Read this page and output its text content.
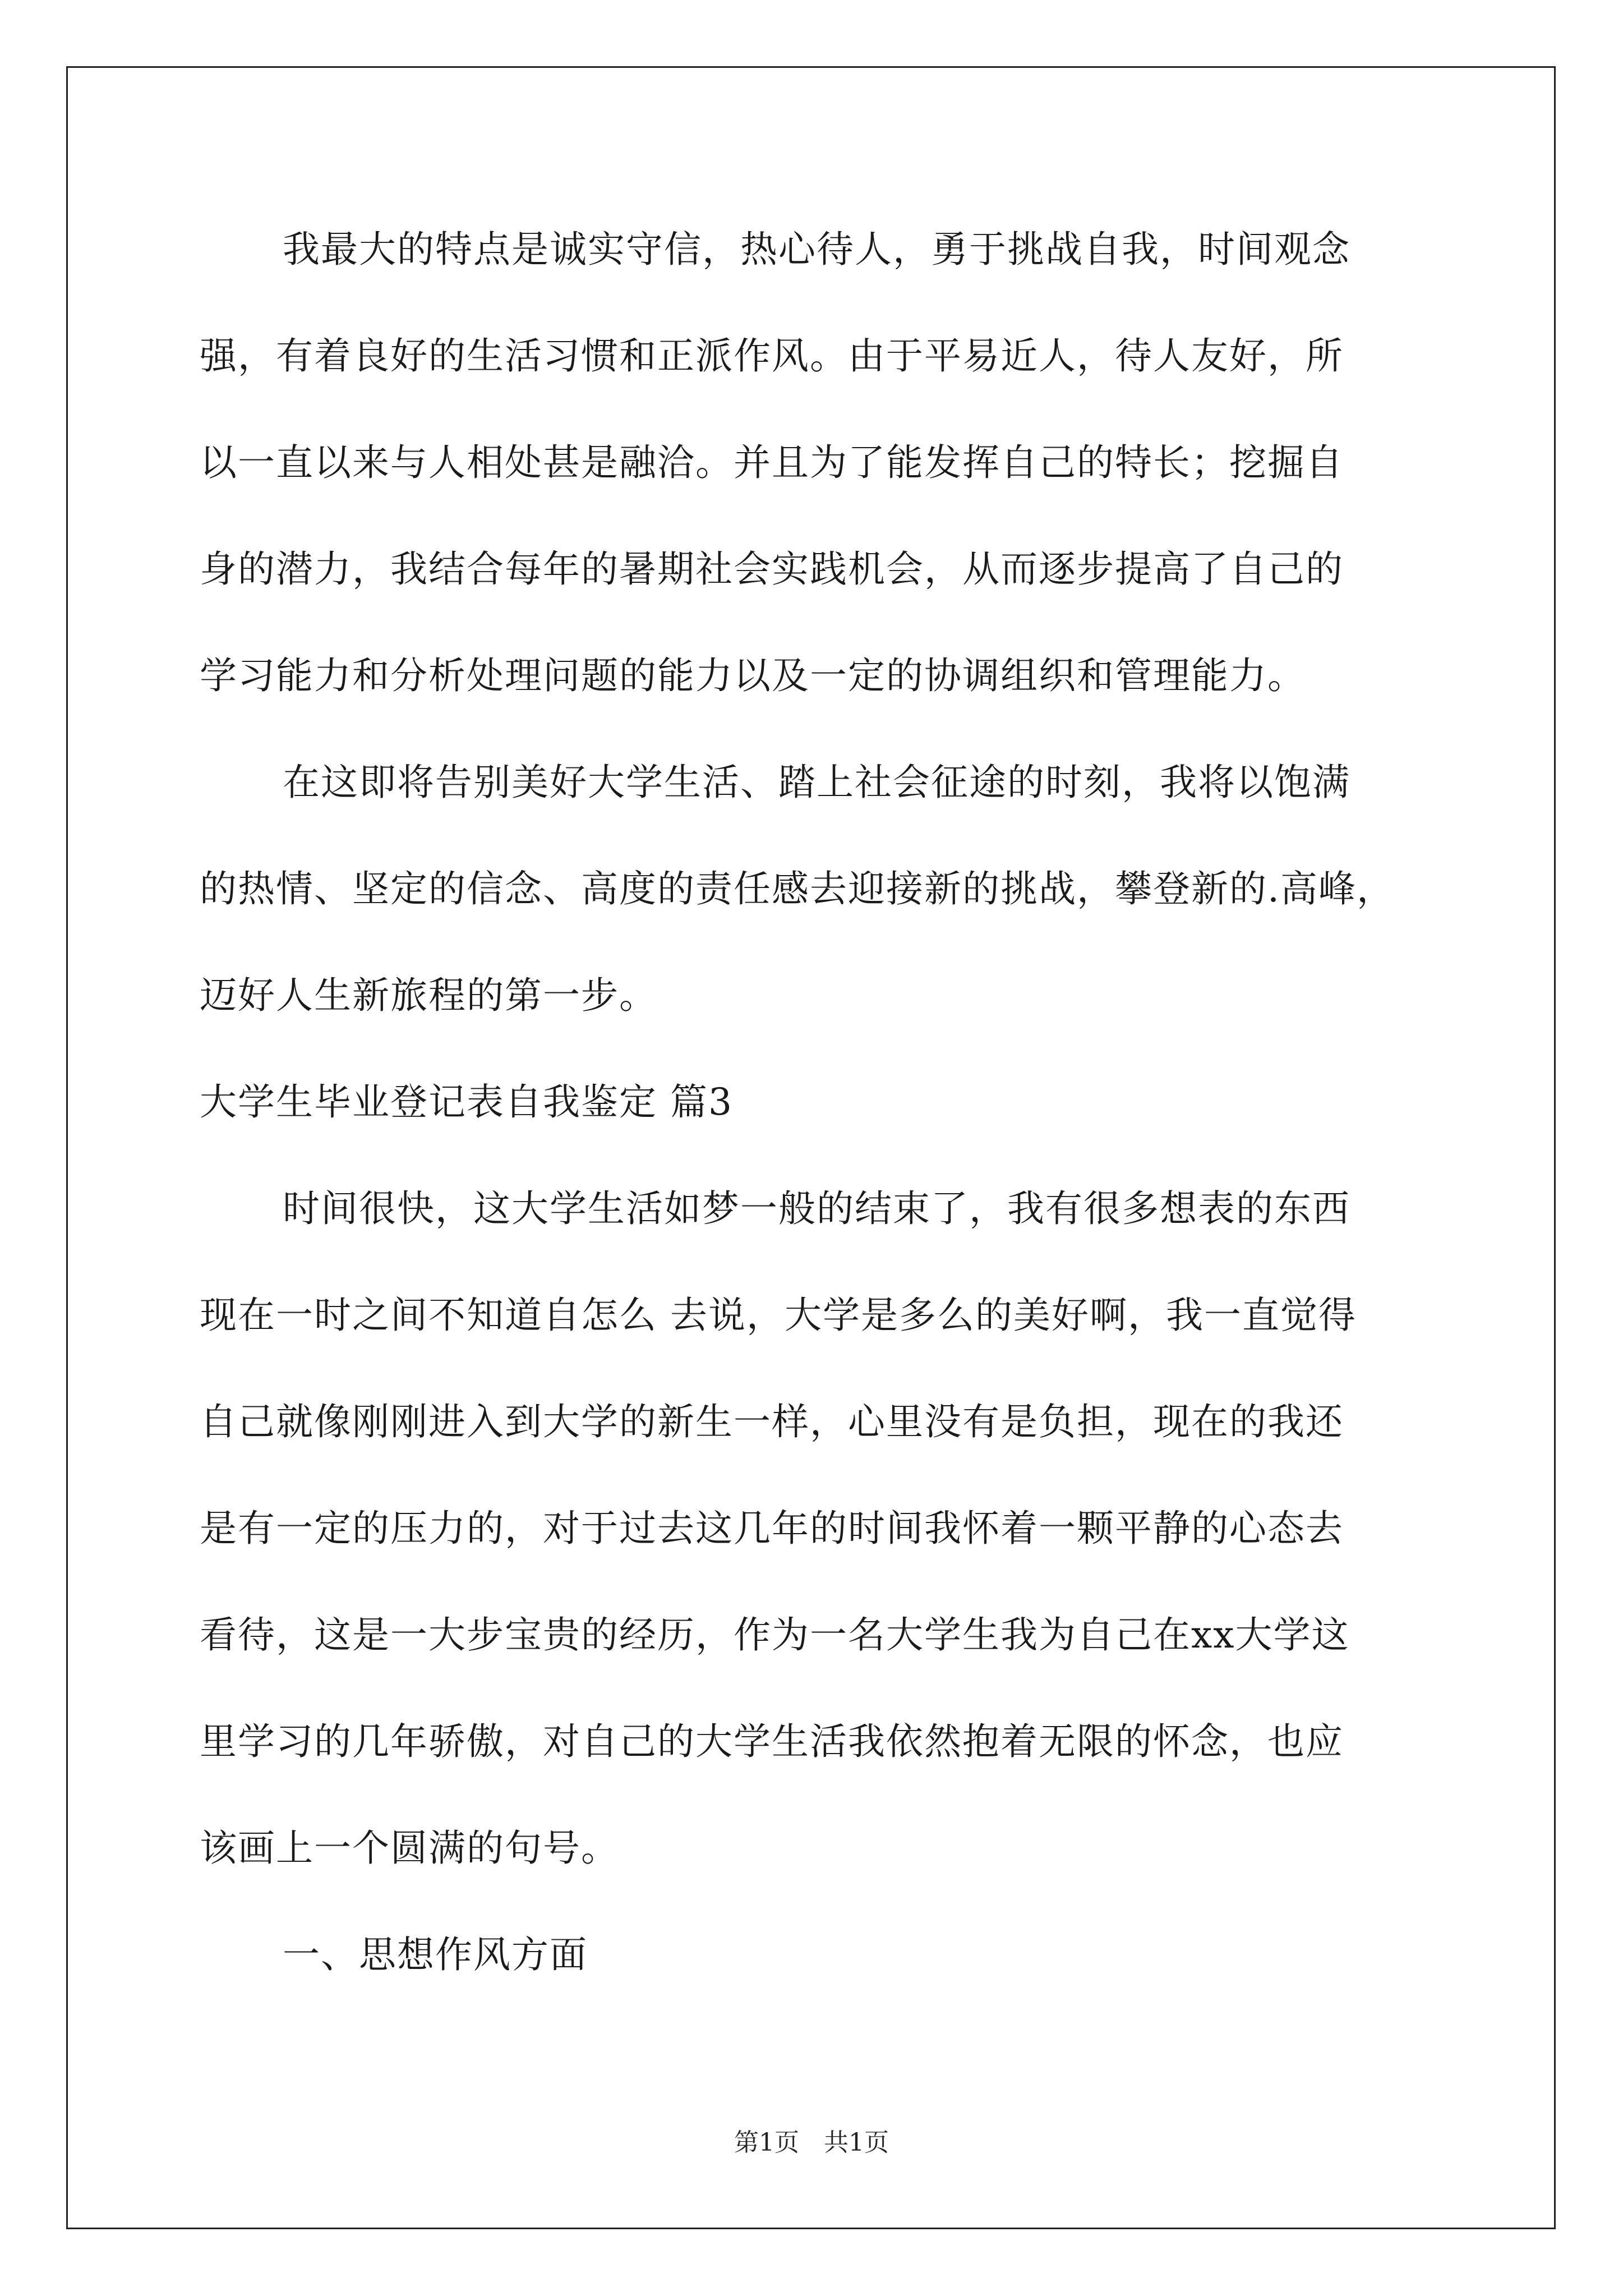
我最大的特点是诚实守信，热心待人，勇于挑战自我，时间观念
强，有着良好的生活习惯和正派作风。由于平易近人，待人友好，所
以一直以来与人相处甚是融洽。并且为了能发挥自己的特长；挖掘自
身的潜力，我结合每年的暑期社会实践机会，从而逐步提高了自己的
学习能力和分析处理问题的能力以及一定的协调组织和管理能力。
在这即将告别美好大学生活、踏上社会征途的时刻，我将以饱满
的热情、坚定的信念、高度的责任感去迎接新的挑战，攀登新的.高峰，
迈好人生新旅程的第一步。
大学生毕业登记表自我鉴定 篇3
时间很快，这大学生活如梦一般的结束了，我有很多想表的东西
现在一时之间不知道自怎么 去说，大学是多么的美好啊，我一直觉得
自己就像刚刚进入到大学的新生一样，心里没有是负担，现在的我还
是有一定的压力的，对于过去这几年的时间我怀着一颗平静的心态去
看待，这是一大步宝贵的经历，作为一名大学生我为自己在xx大学这
里学习的几年骄傲，对自己的大学生活我依然抱着无限的怀念，也应
该画上一个圆满的句号。
一、思想作风方面
第1页　共1页
